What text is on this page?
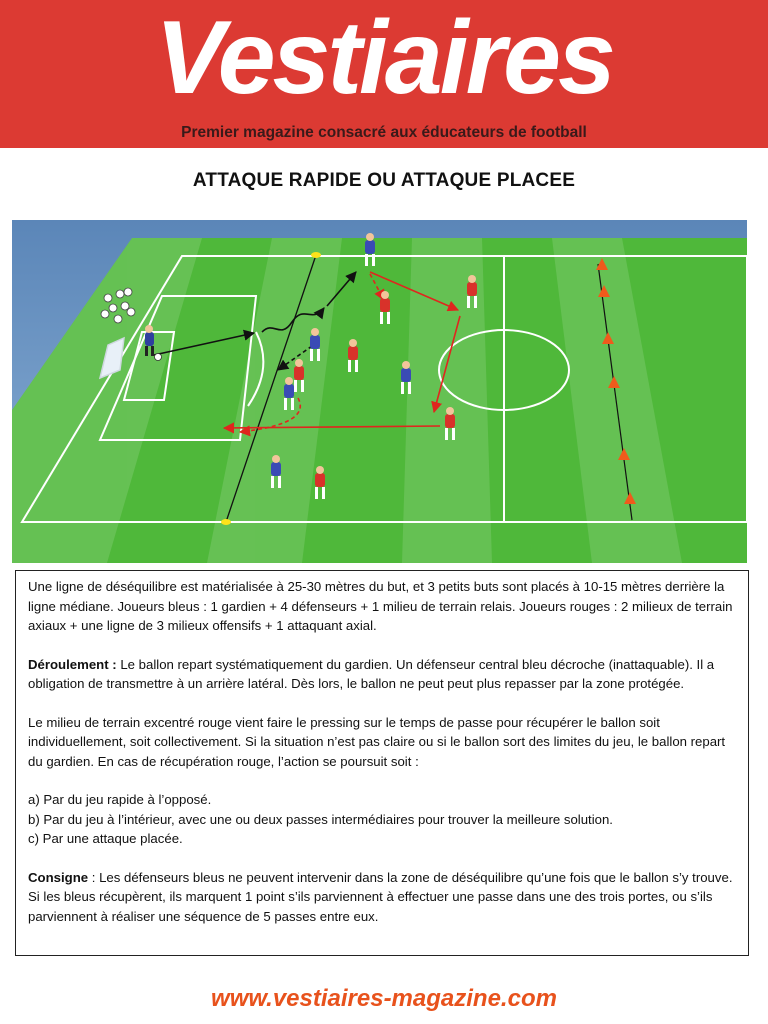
Vestiaires
Premier magazine consacré aux éducateurs de football
ATTAQUE RAPIDE OU ATTAQUE PLACEE

Une ligne de déséquilibre est matérialisée à 25-30 mètres du but, et 3 petits buts sont placés à 10-15 mètres derrière la ligne médiane. Joueurs bleus : 1 gardien + 4 défenseurs + 1 milieu de terrain relais. Joueurs rouges : 2 milieux de terrain axiaux + une ligne de 3 milieux offensifs + 1 attaquant axial.

Déroulement : Le ballon repart systématiquement du gardien. Un défenseur central bleu décroche (inattaquable). Il a obligation de transmettre à un arrière latéral. Dès lors, le ballon ne peut peut plus repasser par la zone protégée.

Le milieu de terrain excentré rouge vient faire le pressing sur le temps de passe pour récupérer le ballon soit individuellement, soit collectivement. Si la situation n’est pas claire ou si le ballon sort des limites du jeu, le ballon repart du gardien. En cas de récupération rouge, l’action se poursuit soit :

a) Par du jeu rapide à l’opposé.

b) Par du jeu à l’intérieur, avec une ou deux passes intermédiaires pour trouver la meilleure solution.

c) Par une attaque placée.

Consigne : Les défenseurs bleus ne peuvent intervenir dans la zone de déséquilibre qu’une fois que le ballon s’y trouve. Si les bleus récupèrent, ils marquent 1 point s’ils parviennent à effectuer une passe dans une des trois portes, ou s’ils parviennent à réaliser une séquence de 5 passes entre eux.

www.vestiaires-magazine.com
